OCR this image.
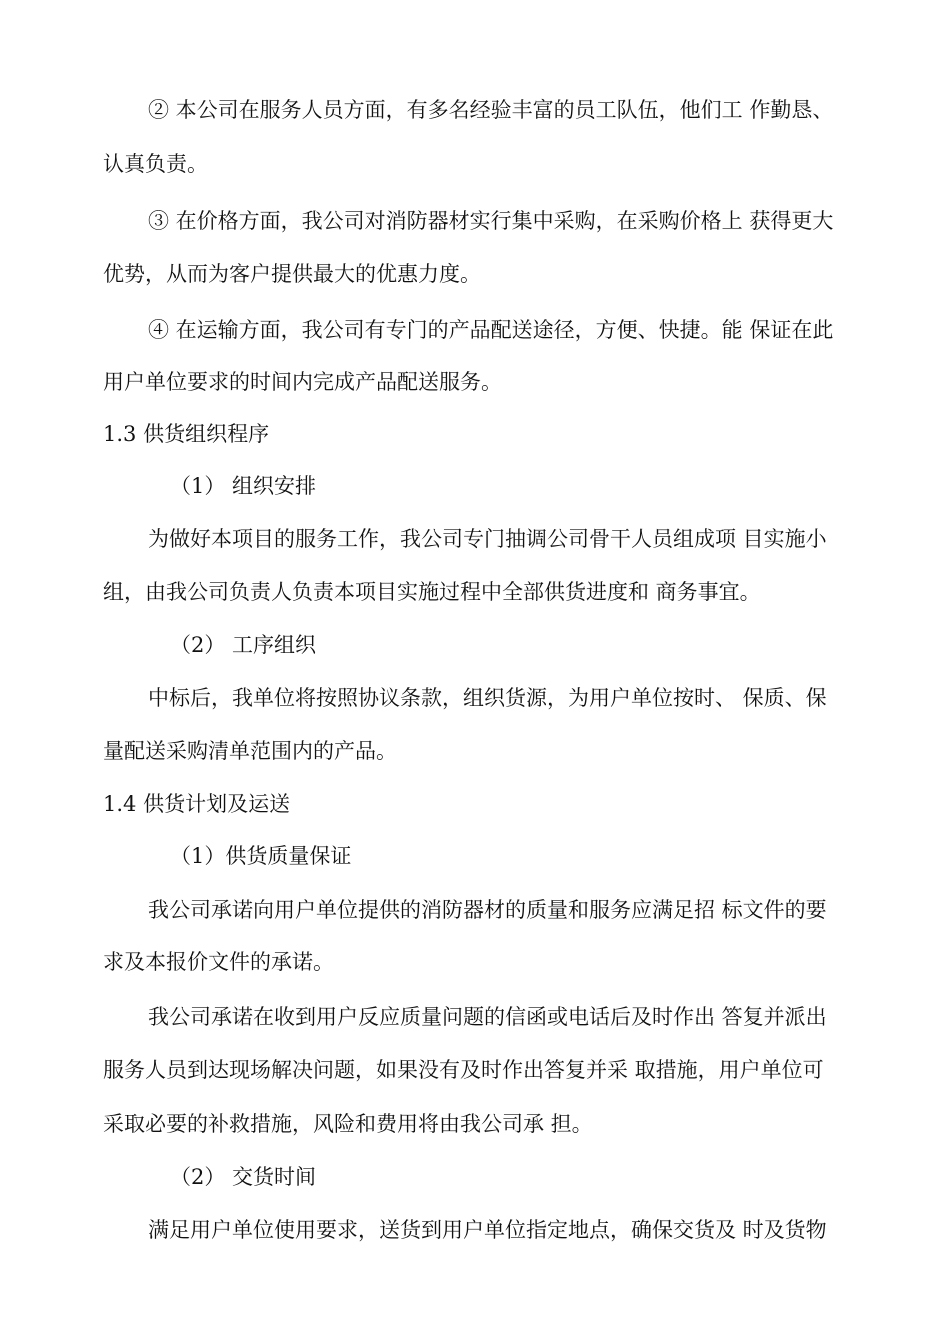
② 本公司在服务人员方面，有多名经验丰富的员工队伍，他们工 作勤恳、
认真负责。
③ 在价格方面，我公司对消防器材实行集中采购，在采购价格上 获得更大
优势，从而为客户提供最大的优惠力度。
④ 在运输方面，我公司有专门的产品配送途径，方便、快捷。能 保证在此
用户单位要求的时间内完成产品配送服务。
1.3 供货组织程序
（1） 组织安排
为做好本项目的服务工作，我公司专门抽调公司骨干人员组成项 目实施小
组，由我公司负责人负责本项目实施过程中全部供货进度和 商务事宜。
（2） 工序组织
中标后，我单位将按照协议条款，组织货源，为用户单位按时、 保质、保
量配送采购清单范围内的产品。
1.4 供货计划及运送
（1）供货质量保证
我公司承诺向用户单位提供的消防器材的质量和服务应满足招 标文件的要
求及本报价文件的承诺。
我公司承诺在收到用户反应质量问题的信函或电话后及时作出 答复并派出
服务人员到达现场解决问题，如果没有及时作出答复并采 取措施，用户单位可
采取必要的补救措施，风险和费用将由我公司承 担。
（2） 交货时间
满足用户单位使用要求，送货到用户单位指定地点，确保交货及 时及货物
